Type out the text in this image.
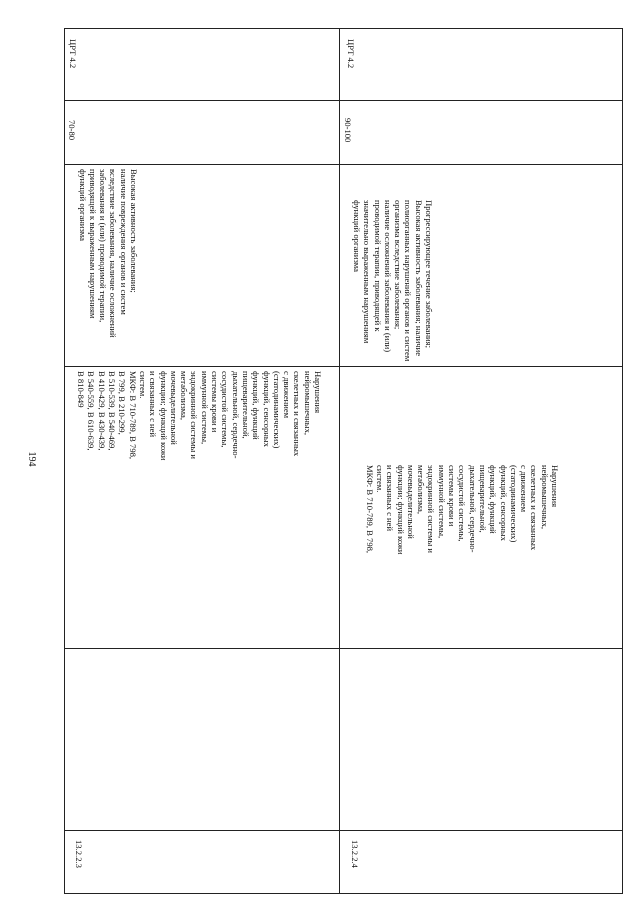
194
13.2.2.3
Нарушения
нейромышечных,
скелетных и связанных
с движением
(статодинамических)
функций, сенсорных
функций, функций
пищеварительной,
дыхательной, сердечно-
сосудистой системы,
системы крови и
иммунной системы,
эндокринной системы и
метаболизма,
мочевыделительной
функции; функций кожи
и связанных с ней
систем.
МКФ: В 710-789, В 798,
В 799, В 210-299,
В 510-539, В 540-469,
В 410-429, В 430-439,
В 540-559, В 610-639,
В 810-849
Высокая активность заболевания;
наличие повреждения органов и систем
вследствие заболевания, наличие осложнений
заболевания и (или) проводимой терапии,
приводящей к выраженным нарушениям
функций организма
70-80
ЦРТ 4.2
13.2.2.4
Нарушения
нейромышечных,
скелетных и связанных
с движением
(статодинамических)
функций, сенсорных
функций, функций
пищеварительной,
дыхательной, сердечно-
сосудистой системы,
системы крови и
иммунной системы,
эндокринной системы и
метаболизма,
мочевыделительной
функции; функций кожи
и связанных с ней
систем.
МКФ: В 710-789, В 798,
Прогрессирующее течение заболевания;
Высокая активность заболевания; наличие
полиорганных нарушений органов и систем
организма вследствие заболевания;
наличие осложнений заболевания и (или)
проводимой терапии, приводящей к
значительно выраженным нарушениям
функций организма
90-100
ЦРТ 4.2
